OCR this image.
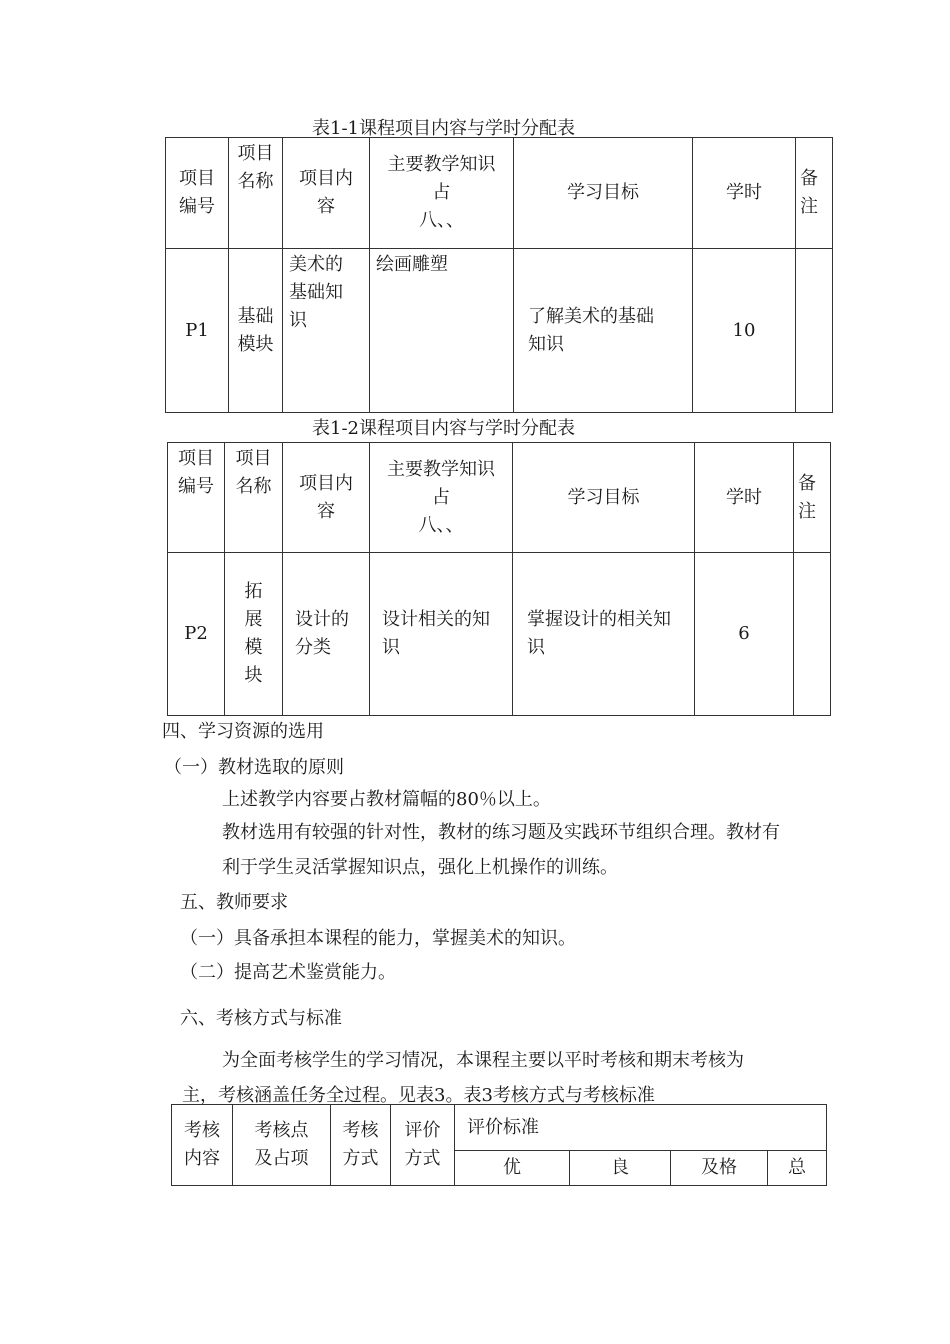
表1-1课程项目内容与学时分配表
项目
编号	项目
名称	项目内
容	主要教学知识
占
八、、	学习目标	学时	备
注
P1	基础
模块	美术的
基础知
识	绘画雕塑	了解美术的基础
知识	10	
表1-2课程项目内容与学时分配表
项目
编号	项目
名称	项目内
容	主要教学知识
占
八、、	学习目标	学时	备
注
P2	拓
展
模
块	设计的
分类	设计相关的知
识	掌握设计的相关知
识	6	
四、学习资源的选用
（一）教材选取的原则
上述教学内容要占教材篇幅的80％以上。
教材选用有较强的针对性，教材的练习题及实践环节组织合理。教材有
利于学生灵活掌握知识点，强化上机操作的训练。
五、教师要求
（一）具备承担本课程的能力，掌握美术的知识。
（二）提高艺术鉴赏能力。
六、考核方式与标准
为全面考核学生的学习情况，本课程主要以平时考核和期末考核为
主，考核涵盖任务全过程。见表3。表3考核方式与考核标准
考核
内容	考核点
及占项	考核
方式	评价
方式	评价标准			
				优	良	及格	总
